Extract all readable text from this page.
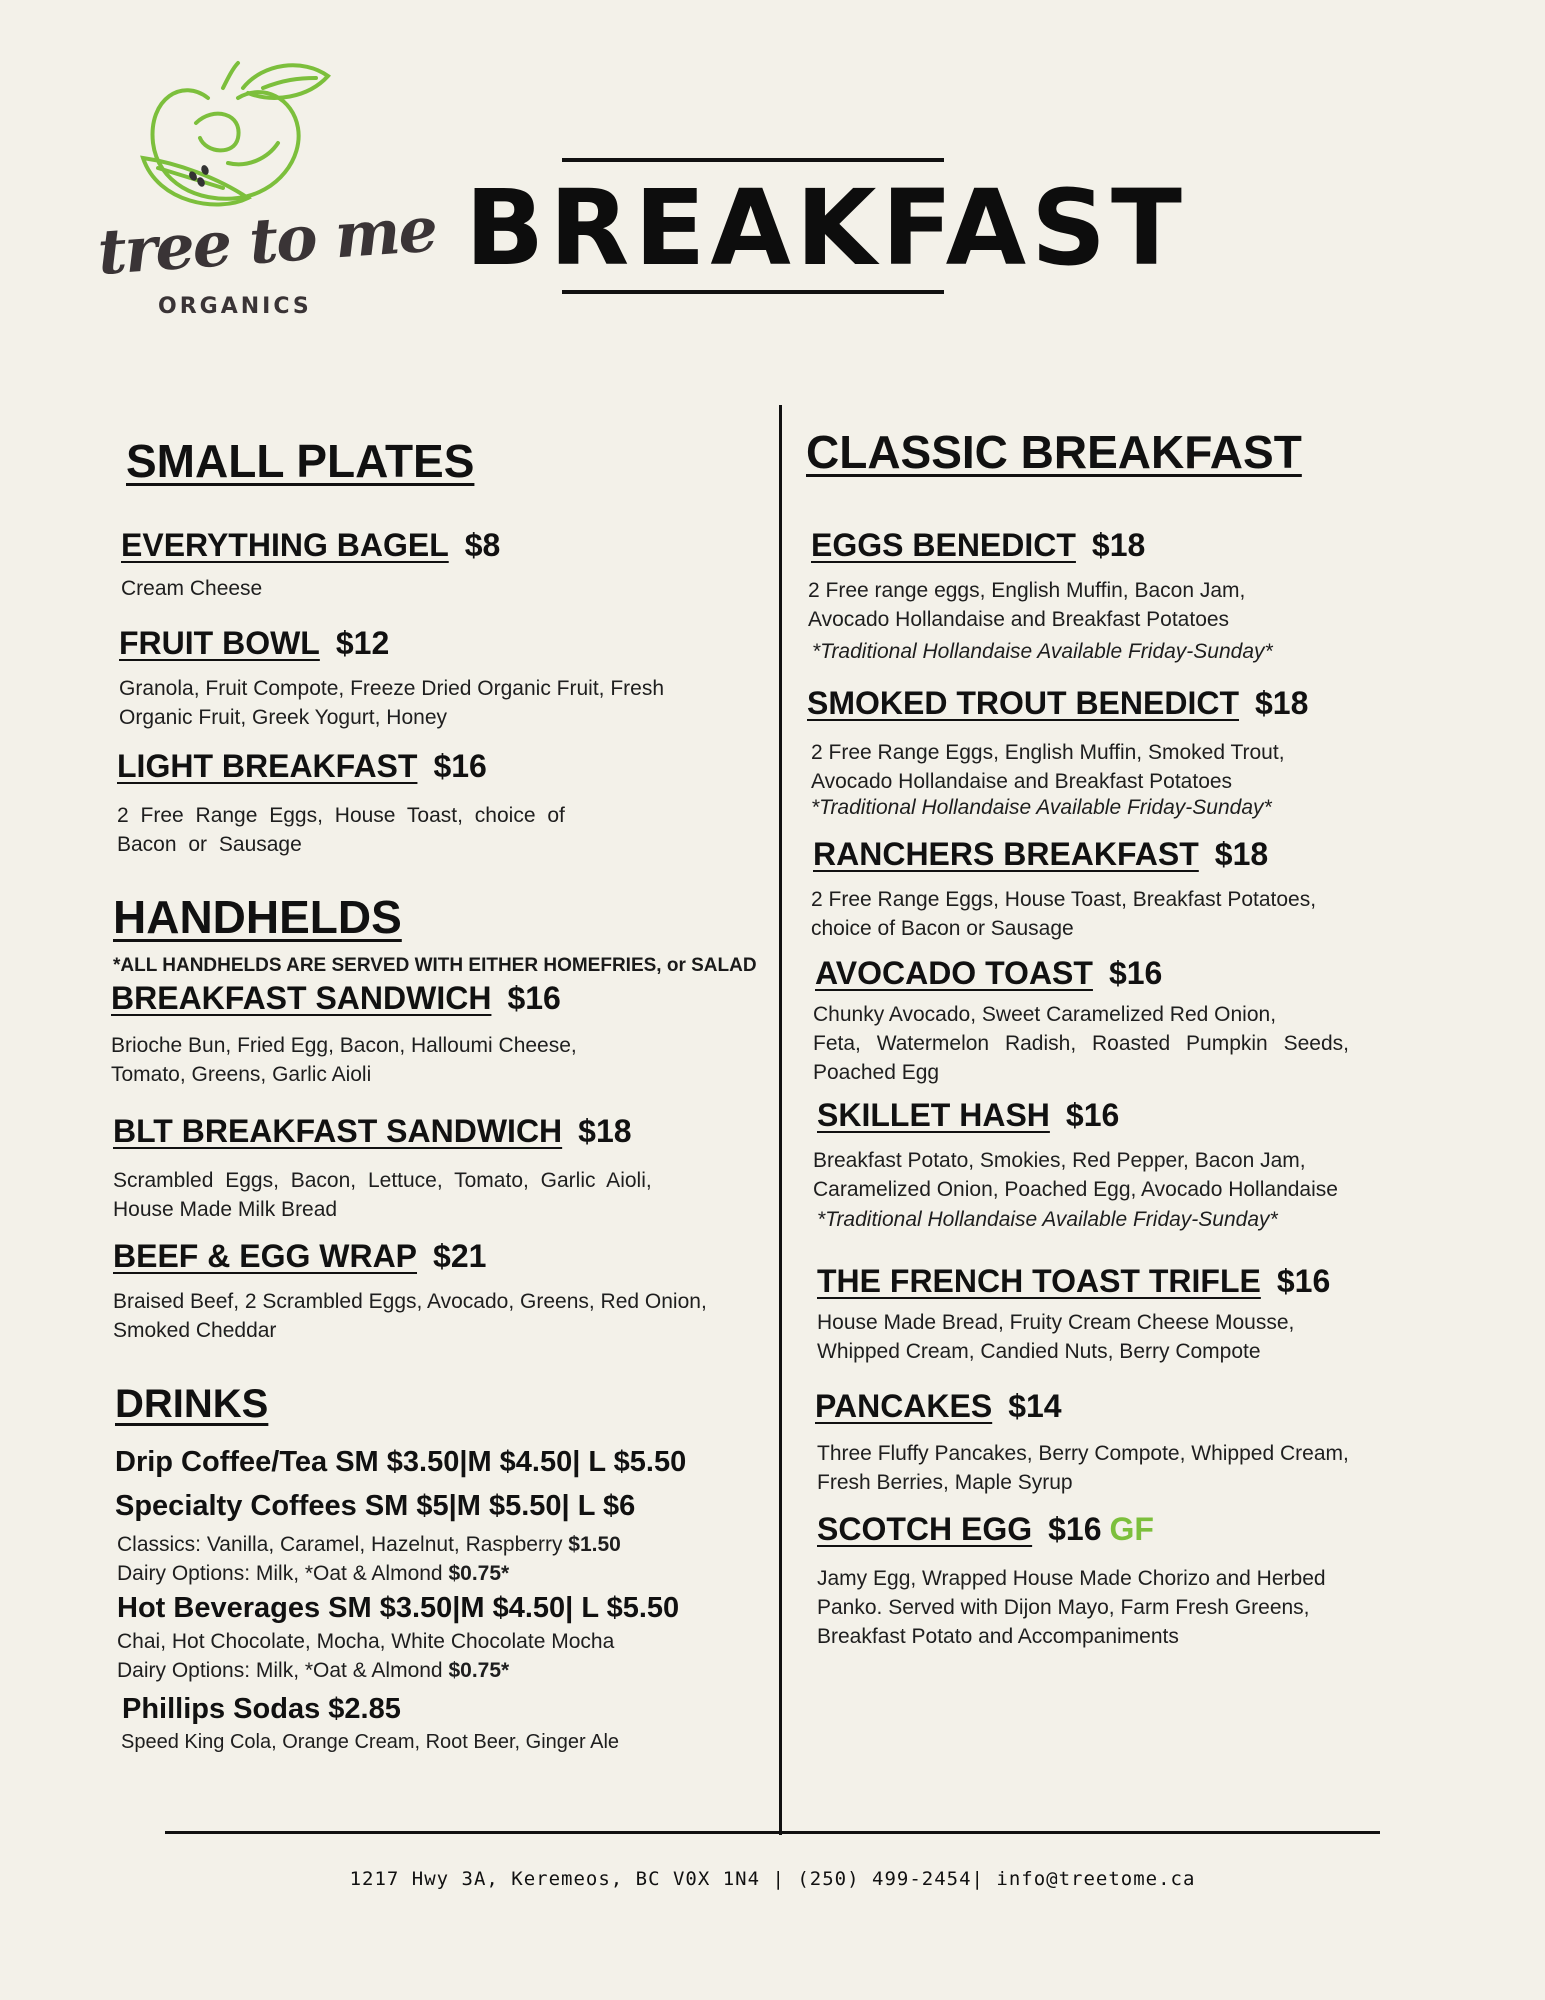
tree to me
ORGANICS
BREAKFAST
SMALL PLATES
EVERYTHING BAGEL $8
Cream Cheese
FRUIT BOWL $12
Granola, Fruit Compote, Freeze Dried Organic Fruit, Fresh
Organic Fruit, Greek Yogurt, Honey
LIGHT BREAKFAST $16
2 Free Range Eggs, House Toast, choice of
Bacon or Sausage
HANDHELDS
*ALL HANDHELDS ARE SERVED WITH EITHER HOMEFRIES, or SALAD
BREAKFAST SANDWICH $16
Brioche Bun, Fried Egg, Bacon, Halloumi Cheese,
Tomato, Greens, Garlic Aioli
BLT BREAKFAST SANDWICH $18
Scrambled Eggs, Bacon, Lettuce, Tomato, Garlic Aioli,
House Made Milk Bread
BEEF & EGG WRAP $21
Braised Beef, 2 Scrambled Eggs, Avocado, Greens, Red Onion,
Smoked Cheddar
DRINKS
Drip Coffee/Tea SM $3.50|M $4.50| L $5.50
Specialty Coffees SM $5|M $5.50| L $6
Classics: Vanilla, Caramel, Hazelnut, Raspberry $1.50
Dairy Options: Milk, *Oat & Almond $0.75*
Hot Beverages SM $3.50|M $4.50| L $5.50
Chai, Hot Chocolate, Mocha, White Chocolate Mocha
Dairy Options: Milk, *Oat & Almond $0.75*
Phillips Sodas $2.85
Speed King Cola, Orange Cream, Root Beer, Ginger Ale
CLASSIC BREAKFAST
EGGS BENEDICT $18
2 Free range eggs, English Muffin, Bacon Jam,
Avocado Hollandaise and Breakfast Potatoes
*Traditional Hollandaise Available Friday-Sunday*
SMOKED TROUT BENEDICT $18
2 Free Range Eggs, English Muffin, Smoked Trout,
Avocado Hollandaise and Breakfast Potatoes
*Traditional Hollandaise Available Friday-Sunday*
RANCHERS BREAKFAST $18
2 Free Range Eggs, House Toast, Breakfast Potatoes,
choice of Bacon or Sausage
AVOCADO TOAST $16
Chunky Avocado, Sweet Caramelized Red Onion,
Feta, Watermelon Radish, Roasted Pumpkin Seeds,
Poached Egg
SKILLET HASH $16
Breakfast Potato, Smokies, Red Pepper, Bacon Jam,
Caramelized Onion, Poached Egg, Avocado Hollandaise
*Traditional Hollandaise Available Friday-Sunday*
THE FRENCH TOAST TRIFLE $16
House Made Bread, Fruity Cream Cheese Mousse,
Whipped Cream, Candied Nuts, Berry Compote
PANCAKES $14
Three Fluffy Pancakes, Berry Compote, Whipped Cream,
Fresh Berries, Maple Syrup
SCOTCH EGG $16 GF
Jamy Egg, Wrapped House Made Chorizo and Herbed
Panko. Served with Dijon Mayo, Farm Fresh Greens,
Breakfast Potato and Accompaniments
1217 Hwy 3A, Keremeos, BC V0X 1N4 | (250) 499-2454| info@treetome.ca
